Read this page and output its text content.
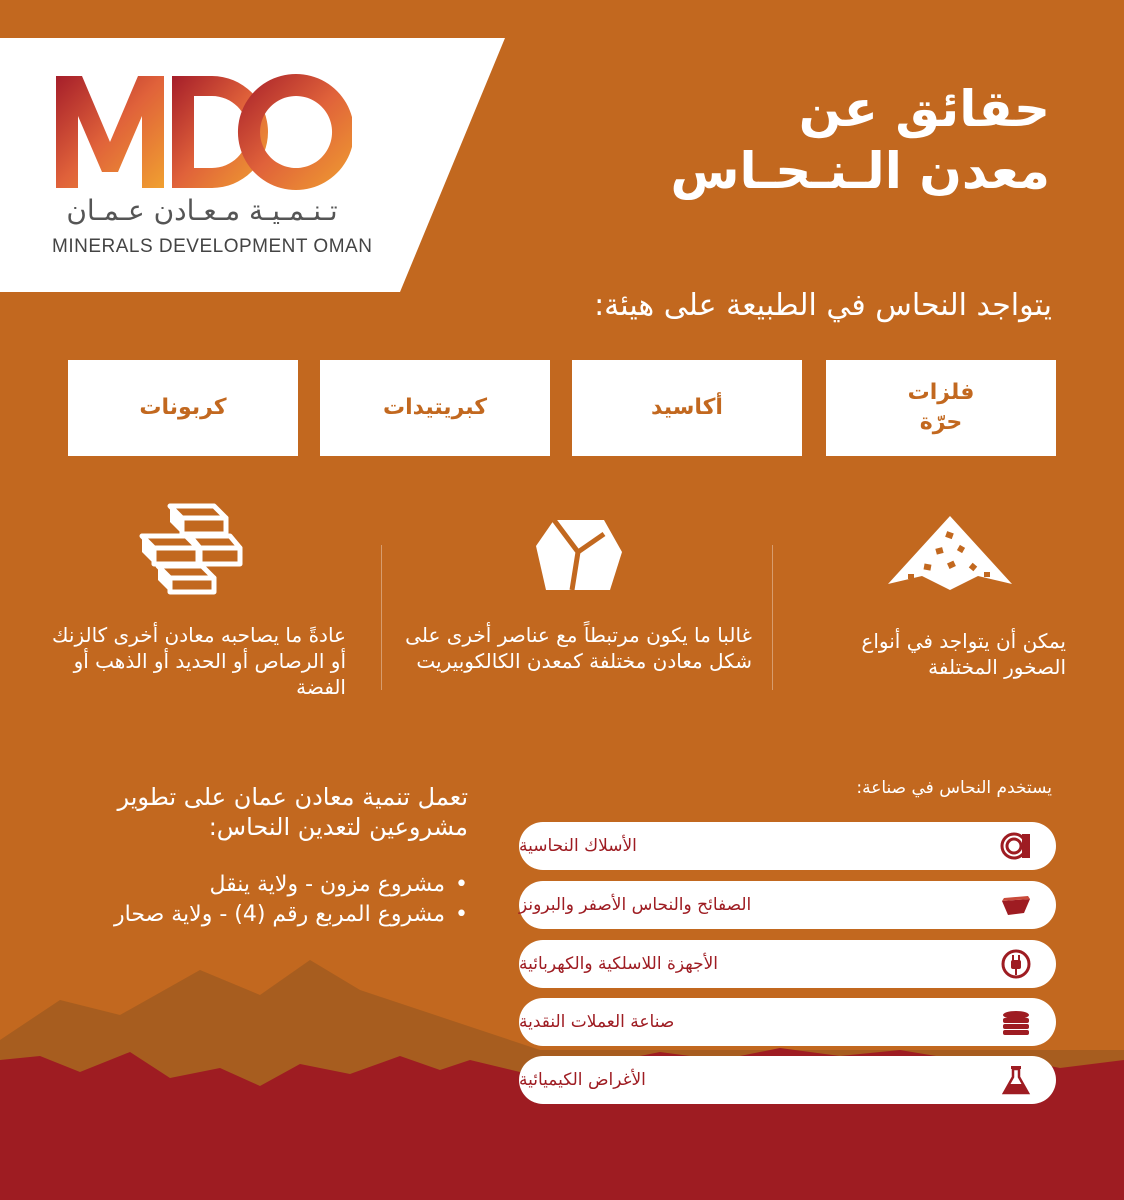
تـنـمـيـة مـعـادن عـمـان
MINERALS DEVELOPMENT OMAN
حقائق عن
معدن الـنـحـاس
يتواجد النحاس في الطبيعة على هيئة:
فلزات حرّة
أكاسيد
كبريتيدات
كربونات
يمكن أن يتواجد في أنواع الصخور المختلفة
غالبا ما يكون مرتبطاً مع عناصر أخرى على شكل معادن مختلفة كمعدن الكالكوبيريت
عادةً ما يصاحبه معادن أخرى كالزنك أو الرصاص أو الحديد أو الذهب أو الفضة
تعمل تنمية معادن عمان على تطوير مشروعين لتعدين النحاس:
• مشروع مزون - ولاية ينقل
• مشروع المربع رقم (4) - ولاية صحار
يستخدم النحاس في صناعة:
الأسلاك النحاسية
الصفائح والنحاس الأصفر والبرونز
الأجهزة اللاسلكية والكهربائية
صناعة العملات النقدية
الأغراض الكيميائية
